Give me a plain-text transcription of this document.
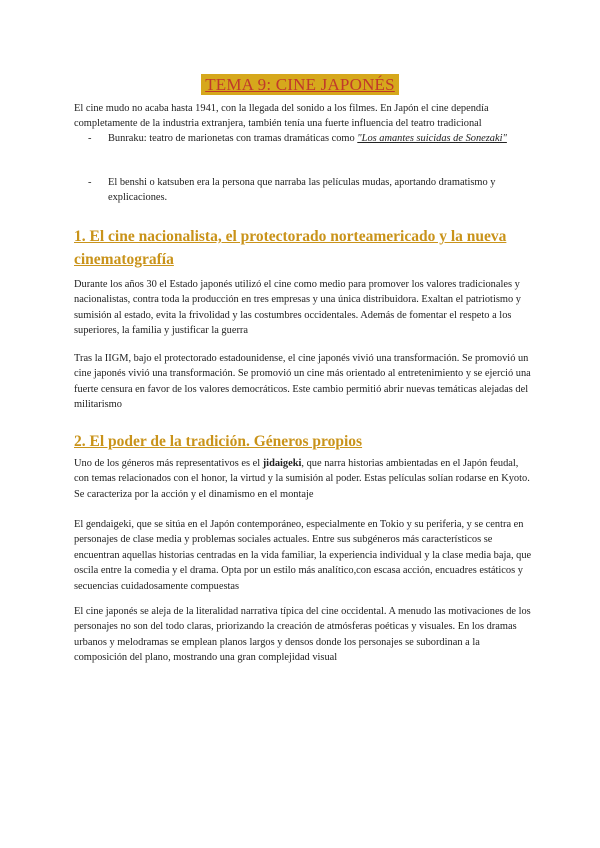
TEMA 9: CINE JAPONÉS

El cine mudo no acaba hasta 1941, con la llegada del sonido a los filmes. En Japón el cine dependía completamente de la industria extranjera, también tenía una fuerte influencia del teatro tradicional

- Bunraku: teatro de marionetas con tramas dramáticas como "Los amantes suicidas de Sonezaki"
- El benshi o katsuben era la persona que narraba las películas mudas, aportando dramatismo y explicaciones.
1. El cine nacionalista, el protectorado norteamericado y la nueva cinematografía

Durante los años 30 el Estado japonés utilizó el cine como medio para promover los valores tradicionales y nacionalistas, contra toda la producción en tres empresas y una única distribuidora. Exaltan el patriotismo y sumisión al estado, evita la frivolidad y las costumbres occidentales. Además de fomentar el respeto a los superiores, la familia y justificar la guerra

Tras la IIGM, bajo el protectorado estadounidense, el cine japonés vivió una transformación. Se promovió un cine japonés vivió una transformación. Se promovió un cine más orientado al entretenimiento y se ejerció una fuerte censura en favor de los valores democráticos. Este cambio permitió abrir nuevas temáticas alejadas del militarismo

2. El poder de la tradición. Géneros propios

Uno de los géneros más representativos es el jidaigeki, que narra historias ambientadas en el Japón feudal, con temas relacionados con el honor, la virtud y la sumisión al poder. Estas películas solían rodarse en Kyoto. Se caracteriza por la acción y el dinamismo en el montaje

El gendaigeki, que se sitúa en el Japón contemporáneo, especialmente en Tokio y su periferia, y se centra en personajes de clase media y problemas sociales actuales. Entre sus subgéneros más característicos se encuentran aquellas historias centradas en la vida familiar, la experiencia individual y la clase media baja, que oscila entre la comedia y el drama. Opta por un estilo más analítico,con escasa acción, encuadres estáticos y secuencias cuidadosamente compuestas

El cine japonés se aleja de la literalidad narrativa típica del cine occidental. A menudo las motivaciones de los personajes no son del todo claras, priorizando la creación de atmósferas poéticas y visuales. En los dramas urbanos y melodramas se emplean planos largos y densos donde los personajes se subordinan a la composición del plano, mostrando una gran complejidad visual
